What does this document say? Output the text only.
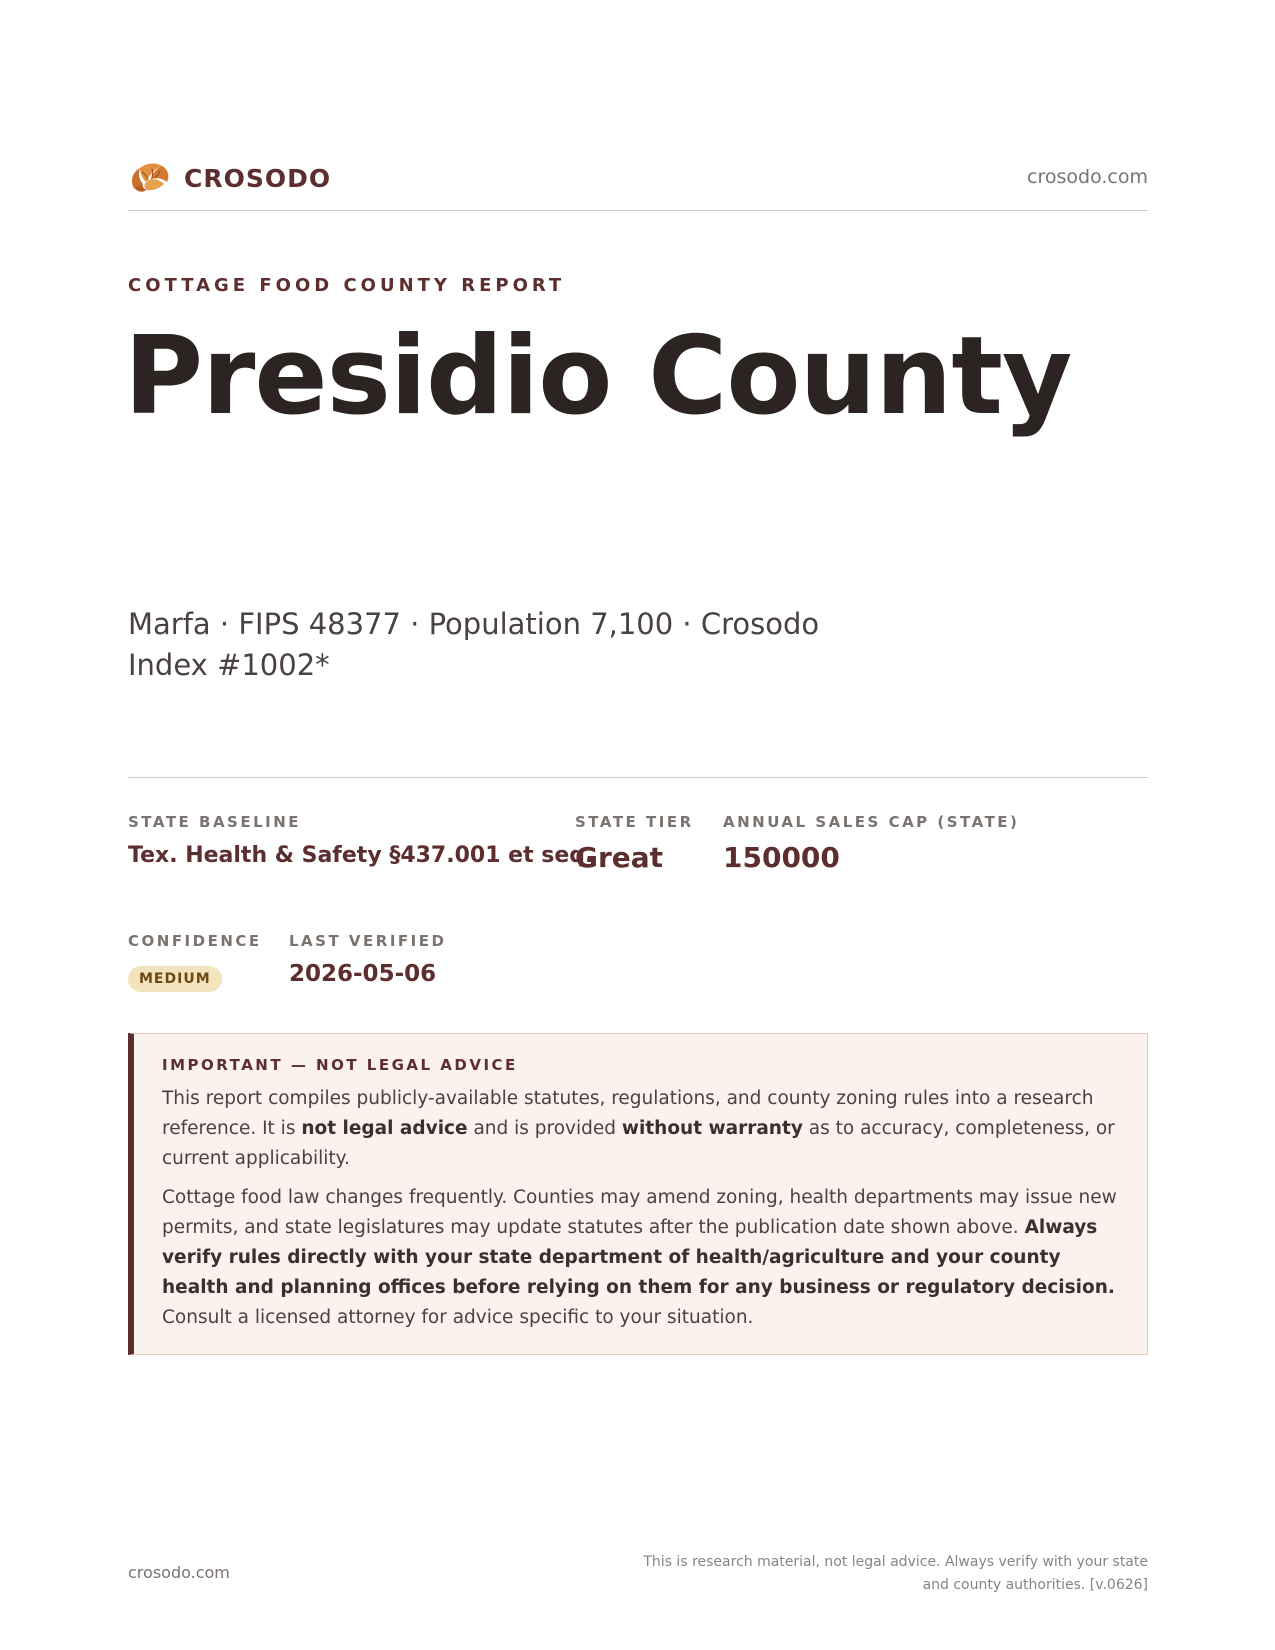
CROSODO	crosodo.com
COTTAGE FOOD COUNTY REPORT
Presidio County
Marfa · FIPS 48377 · Population 7,100 · Crosodo Index #1002*
STATE BASELINE
Tex. Health & Safety §437.001 et seq.
STATE TIER
Great
ANNUAL SALES CAP (STATE)
150000
CONFIDENCE
MEDIUM
LAST VERIFIED
2026-05-06
IMPORTANT — NOT LEGAL ADVICE

This report compiles publicly-available statutes, regulations, and county zoning rules into a research reference. It is not legal advice and is provided without warranty as to accuracy, completeness, or current applicability.

Cottage food law changes frequently. Counties may amend zoning, health departments may issue new permits, and state legislatures may update statutes after the publication date shown above. Always verify rules directly with your state department of health/agriculture and your county health and planning offices before relying on them for any business or regulatory decision. Consult a licensed attorney for advice specific to your situation.

crosodo.com
This is research material, not legal advice. Always verify with your state
and county authorities. [v.0626]
